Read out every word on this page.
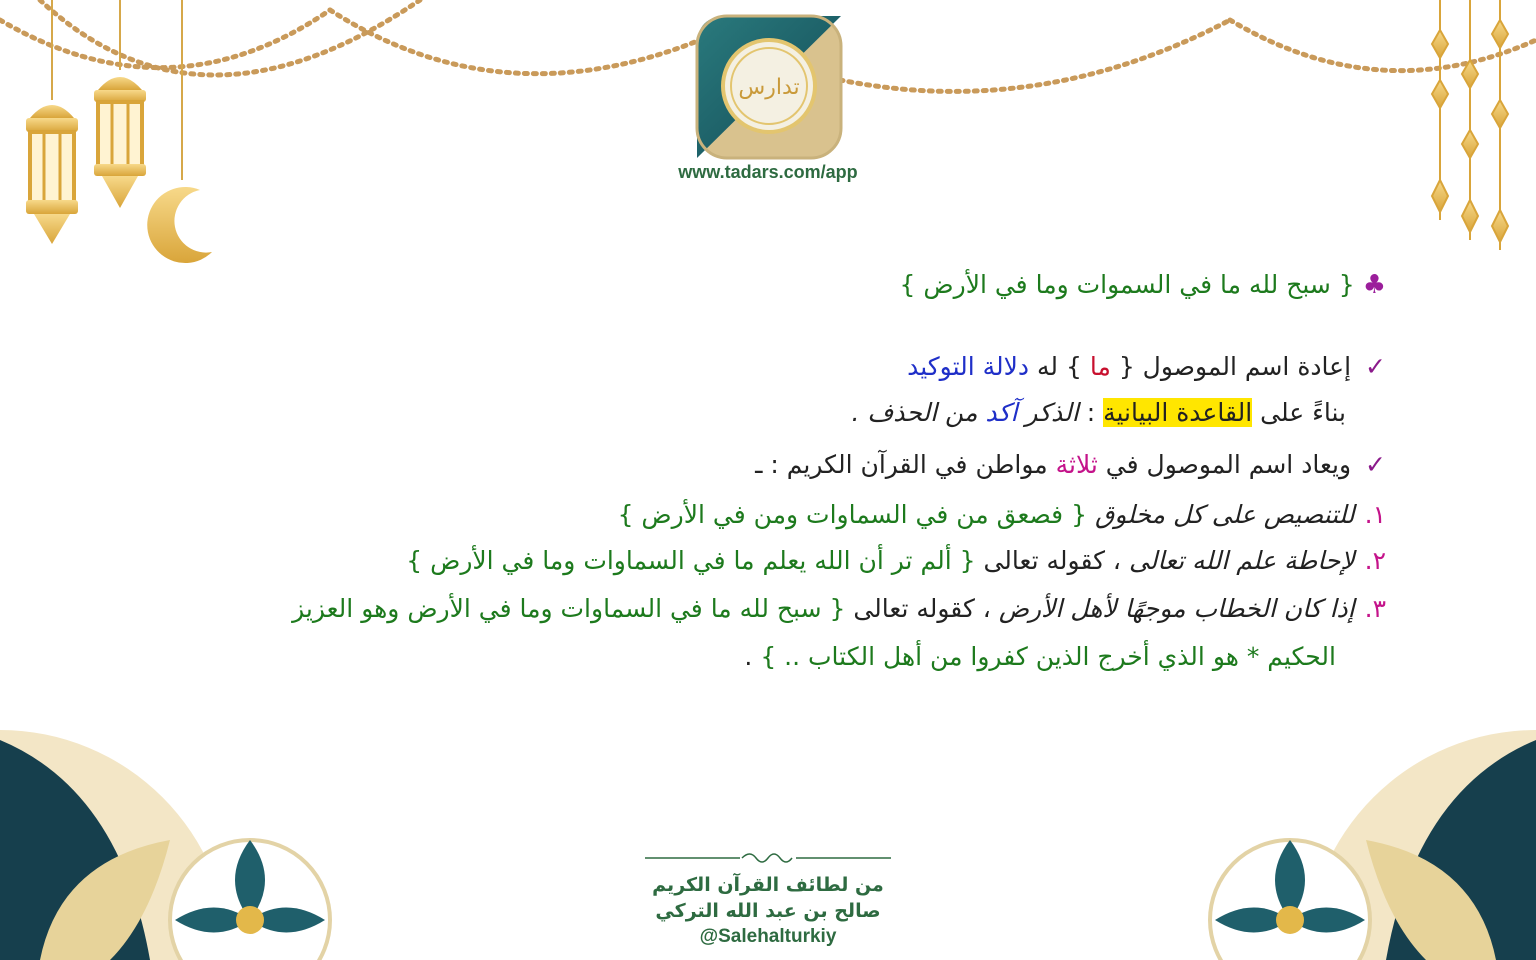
تدارس
www.tadars.com/app
♣{ سبح لله ما في السموات وما في الأرض }
✓إعادة اسم الموصول { ما } له دلالة التوكيد
بناءً على القاعدة البيانية : الذكر آكد من الحذف .
✓ويعاد اسم الموصول في ثلاثة مواطن في القرآن الكريم : ـ
١.للتنصيص على كل مخلوق { فصعق من في السماوات ومن في الأرض }
٢.لإحاطة علم الله تعالى ، كقوله تعالى { ألم تر أن الله يعلم ما في السماوات وما في الأرض }
٣.إذا كان الخطاب موجهًا لأهل الأرض ، كقوله تعالى { سبح لله ما في السماوات وما في الأرض وهو العزيز
الحكيم * هو الذي أخرج الذين كفروا من أهل الكتاب .. } .
من لطائف القرآن الكريم
صالح بن عبد الله التركي
@Salehalturkiy
